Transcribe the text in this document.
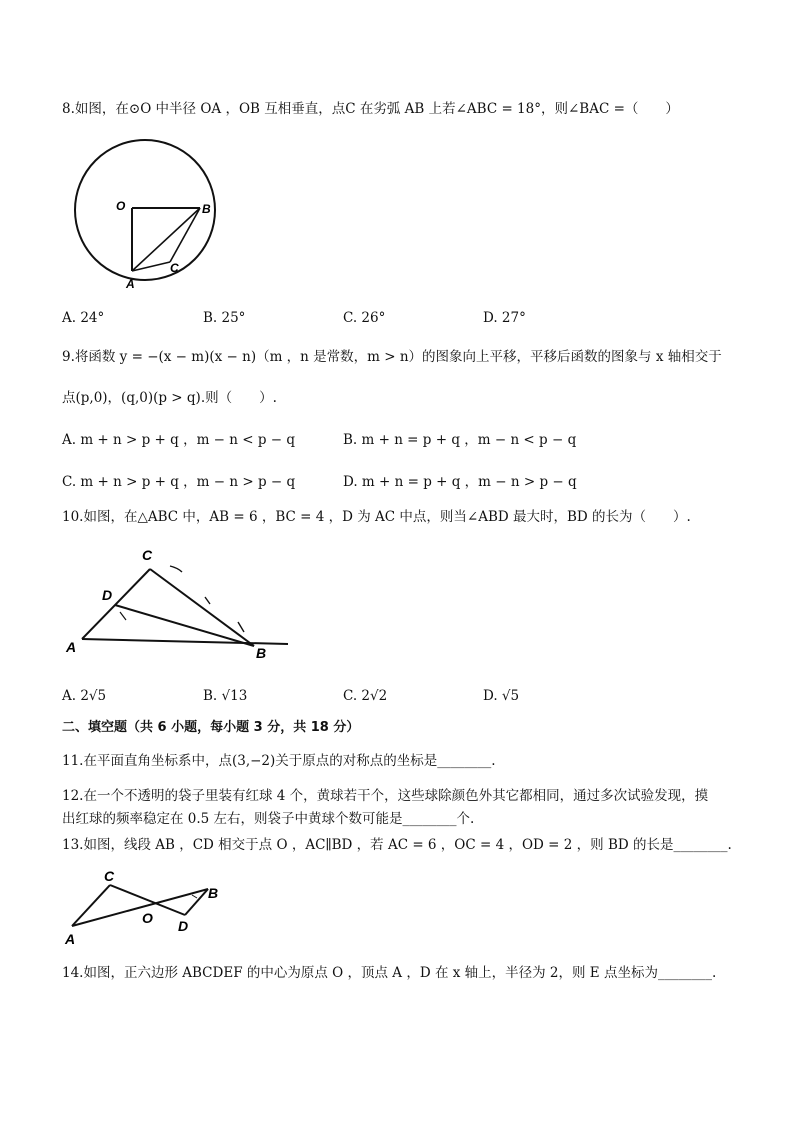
8.如图，在⊙O 中半径 OA ，OB 互相垂直，点C 在劣弧 AB 上若∠ABC = 18°，则∠BAC =（　　）
O	B
C
A
A. 24°	B. 25°	C. 26°	D. 27°
9.将函数 y = −(x − m)(x − n)（m ，n 是常数，m > n）的图象向上平移，平移后函数的图象与 x 轴相交于
点(p,0)，(q,0)(p > q).则（　　）.
A. m + n > p + q ，m − n < p − q	B. m + n = p + q ，m − n < p − q
C. m + n > p + q ，m − n > p − q	D. m + n = p + q ，m − n > p − q
10.如图，在△ABC 中，AB = 6 ，BC = 4 ，D 为 AC 中点，则当∠ABD 最大时，BD 的长为（　　）.
C
D
A	B
A. 2√5	B. √13	C. 2√2	D. √5
二、填空题（共 6 小题，每小题 3 分，共 18 分）
11.在平面直角坐标系中，点(3,−2)关于原点的对称点的坐标是________.
12.在一个不透明的袋子里装有红球 4 个，黄球若干个，这些球除颜色外其它都相同，通过多次试验发现，摸
出红球的频率稳定在 0.5 左右，则袋子中黄球个数可能是________个.
13.如图，线段 AB ，CD 相交于点 O ，AC∥BD ，若 AC = 6 ，OC = 4 ，OD = 2 ，则 BD 的长是________.
C
O D
B
A
14.如图，正六边形 ABCDEF 的中心为原点 O ，顶点 A ，D 在 x 轴上，半径为 2，则 E 点坐标为________.
